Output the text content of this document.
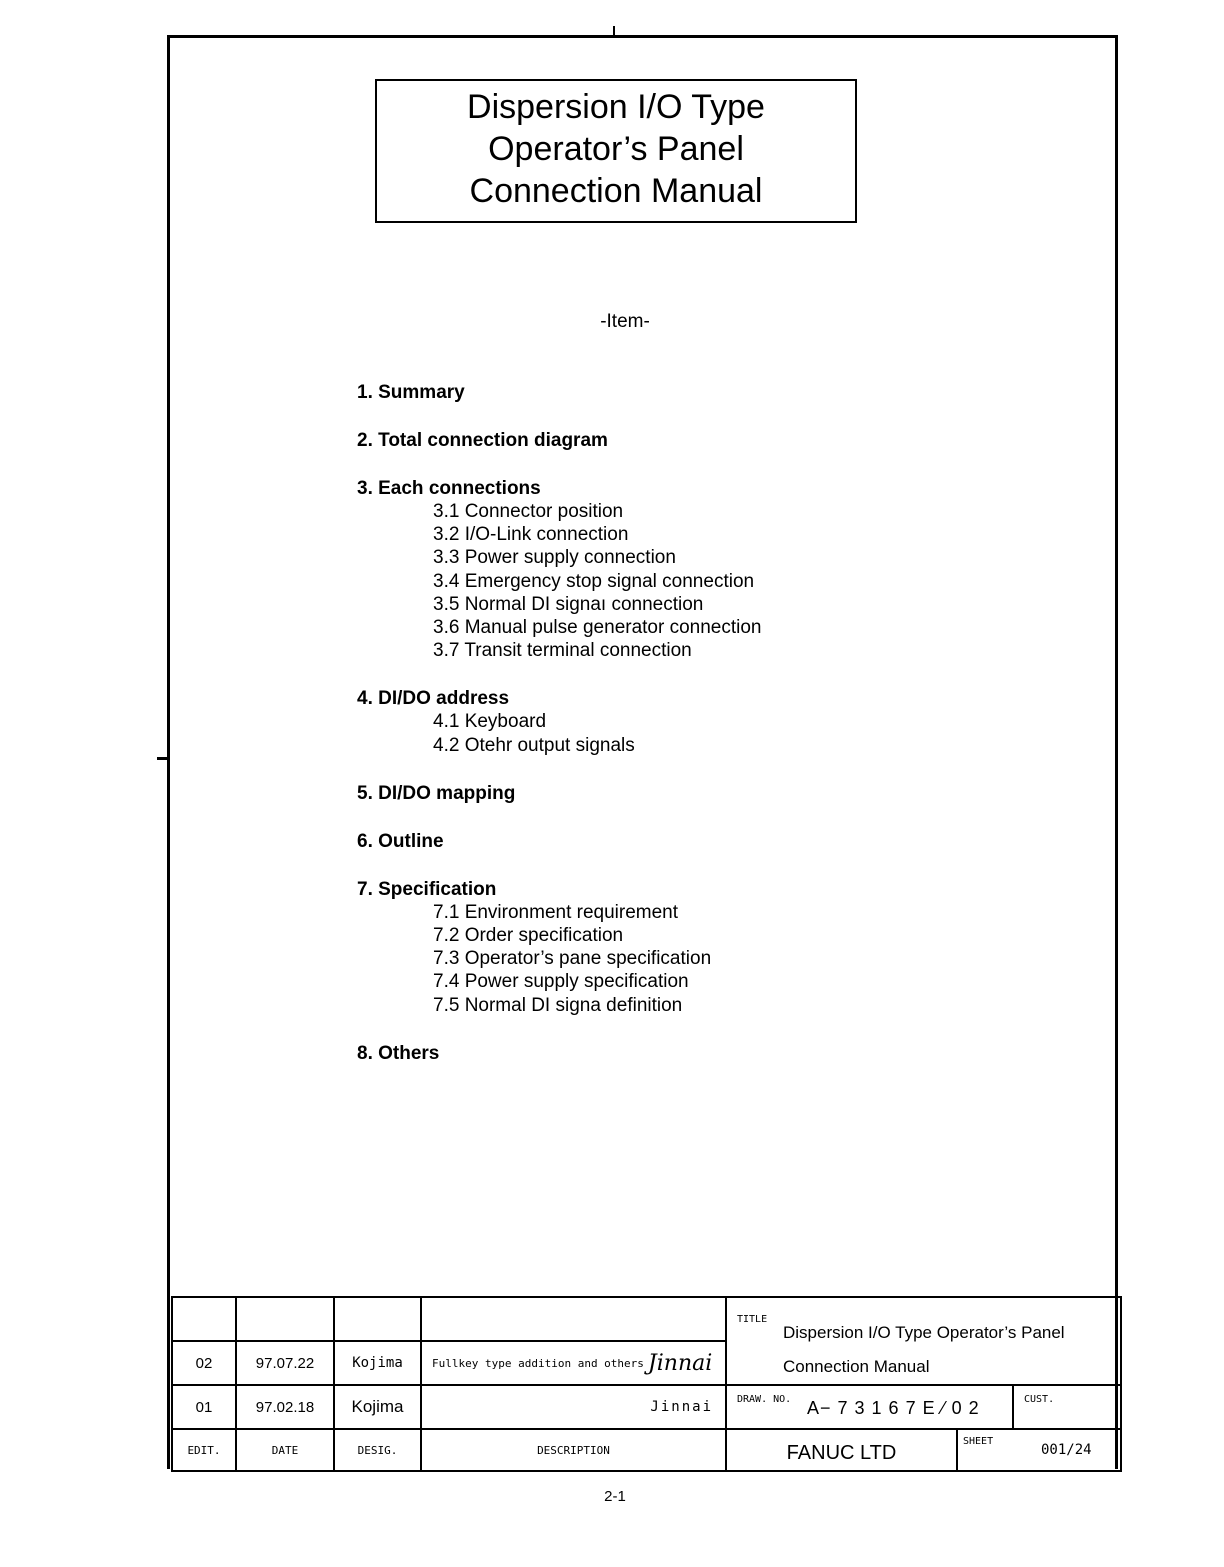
Dispersion I/O Type
Operator’s Panel
Connection Manual
-Item-
1. Summary
2. Total connection diagram
3. Each connections
3.1 Connector position
3.2 I/O-Link connection
3.3 Power supply connection
3.4 Emergency stop signal connection
3.5 Normal DI signaı connection
3.6 Manual pulse generator connection
3.7 Transit terminal connection
4. DI/DO address
4.1 Keyboard
4.2 Otehr output signals
5. DI/DO mapping
6. Outline
7. Specification
7.1 Environment requirement
7.2 Order specification
7.3 Operator’s pane specification
7.4 Power supply specification
7.5 Normal DI signa definition
8. Others
02	97.07.22	Kojima	Fullkey type addition and others Jinnai
01	97.02.18	Kojima	Jinnai
EDIT.	DATE	DESIG.	DESCRIPTION
TITLE
Dispersion I/O Type Operator’s Panel
Connection Manual
DRAW. NO. A− 7 3 1 6 7 E ⁄ 0 2	CUST.
FANUC LTD	SHEET
001/24
2-1
